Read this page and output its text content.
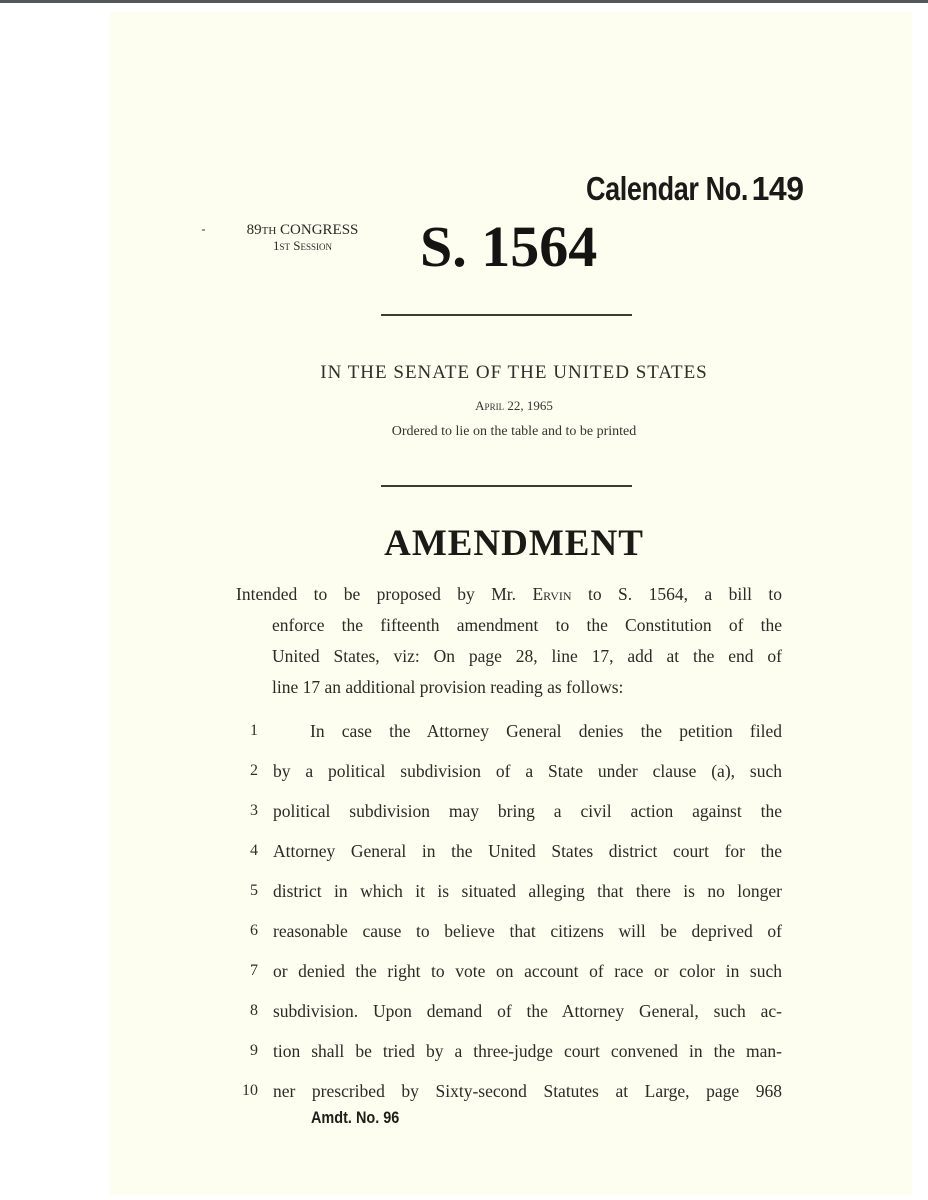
Calendar No.149
89th CONGRESS
1st Session	S. 1564
IN THE SENATE OF THE UNITED STATES
April 22, 1965
Ordered to lie on the table and to be printed
AMENDMENT
Intended to be proposed by Mr. Ervin to S. 1564, a bill to
enforce the fifteenth amendment to the Constitution of the
United States, viz: On page 28, line 17, add at the end of
line 17 an additional provision reading as follows:
1	In case the Attorney General denies the petition filed
2 by a political subdivision of a State under clause (a), such
3 political subdivision may bring a civil action against the
4 Attorney General in the United States district court for the
5 district in which it is situated alleging that there is no longer
6 reasonable cause to believe that citizens will be deprived of
7 or denied the right to vote on account of race or color in such
8 subdivision. Upon demand of the Attorney General, such ac-
9 tion shall be tried by a three-judge court convened in the man-
10 ner prescribed by Sixty-second Statutes at Large, page 968
Amdt. No. 96
